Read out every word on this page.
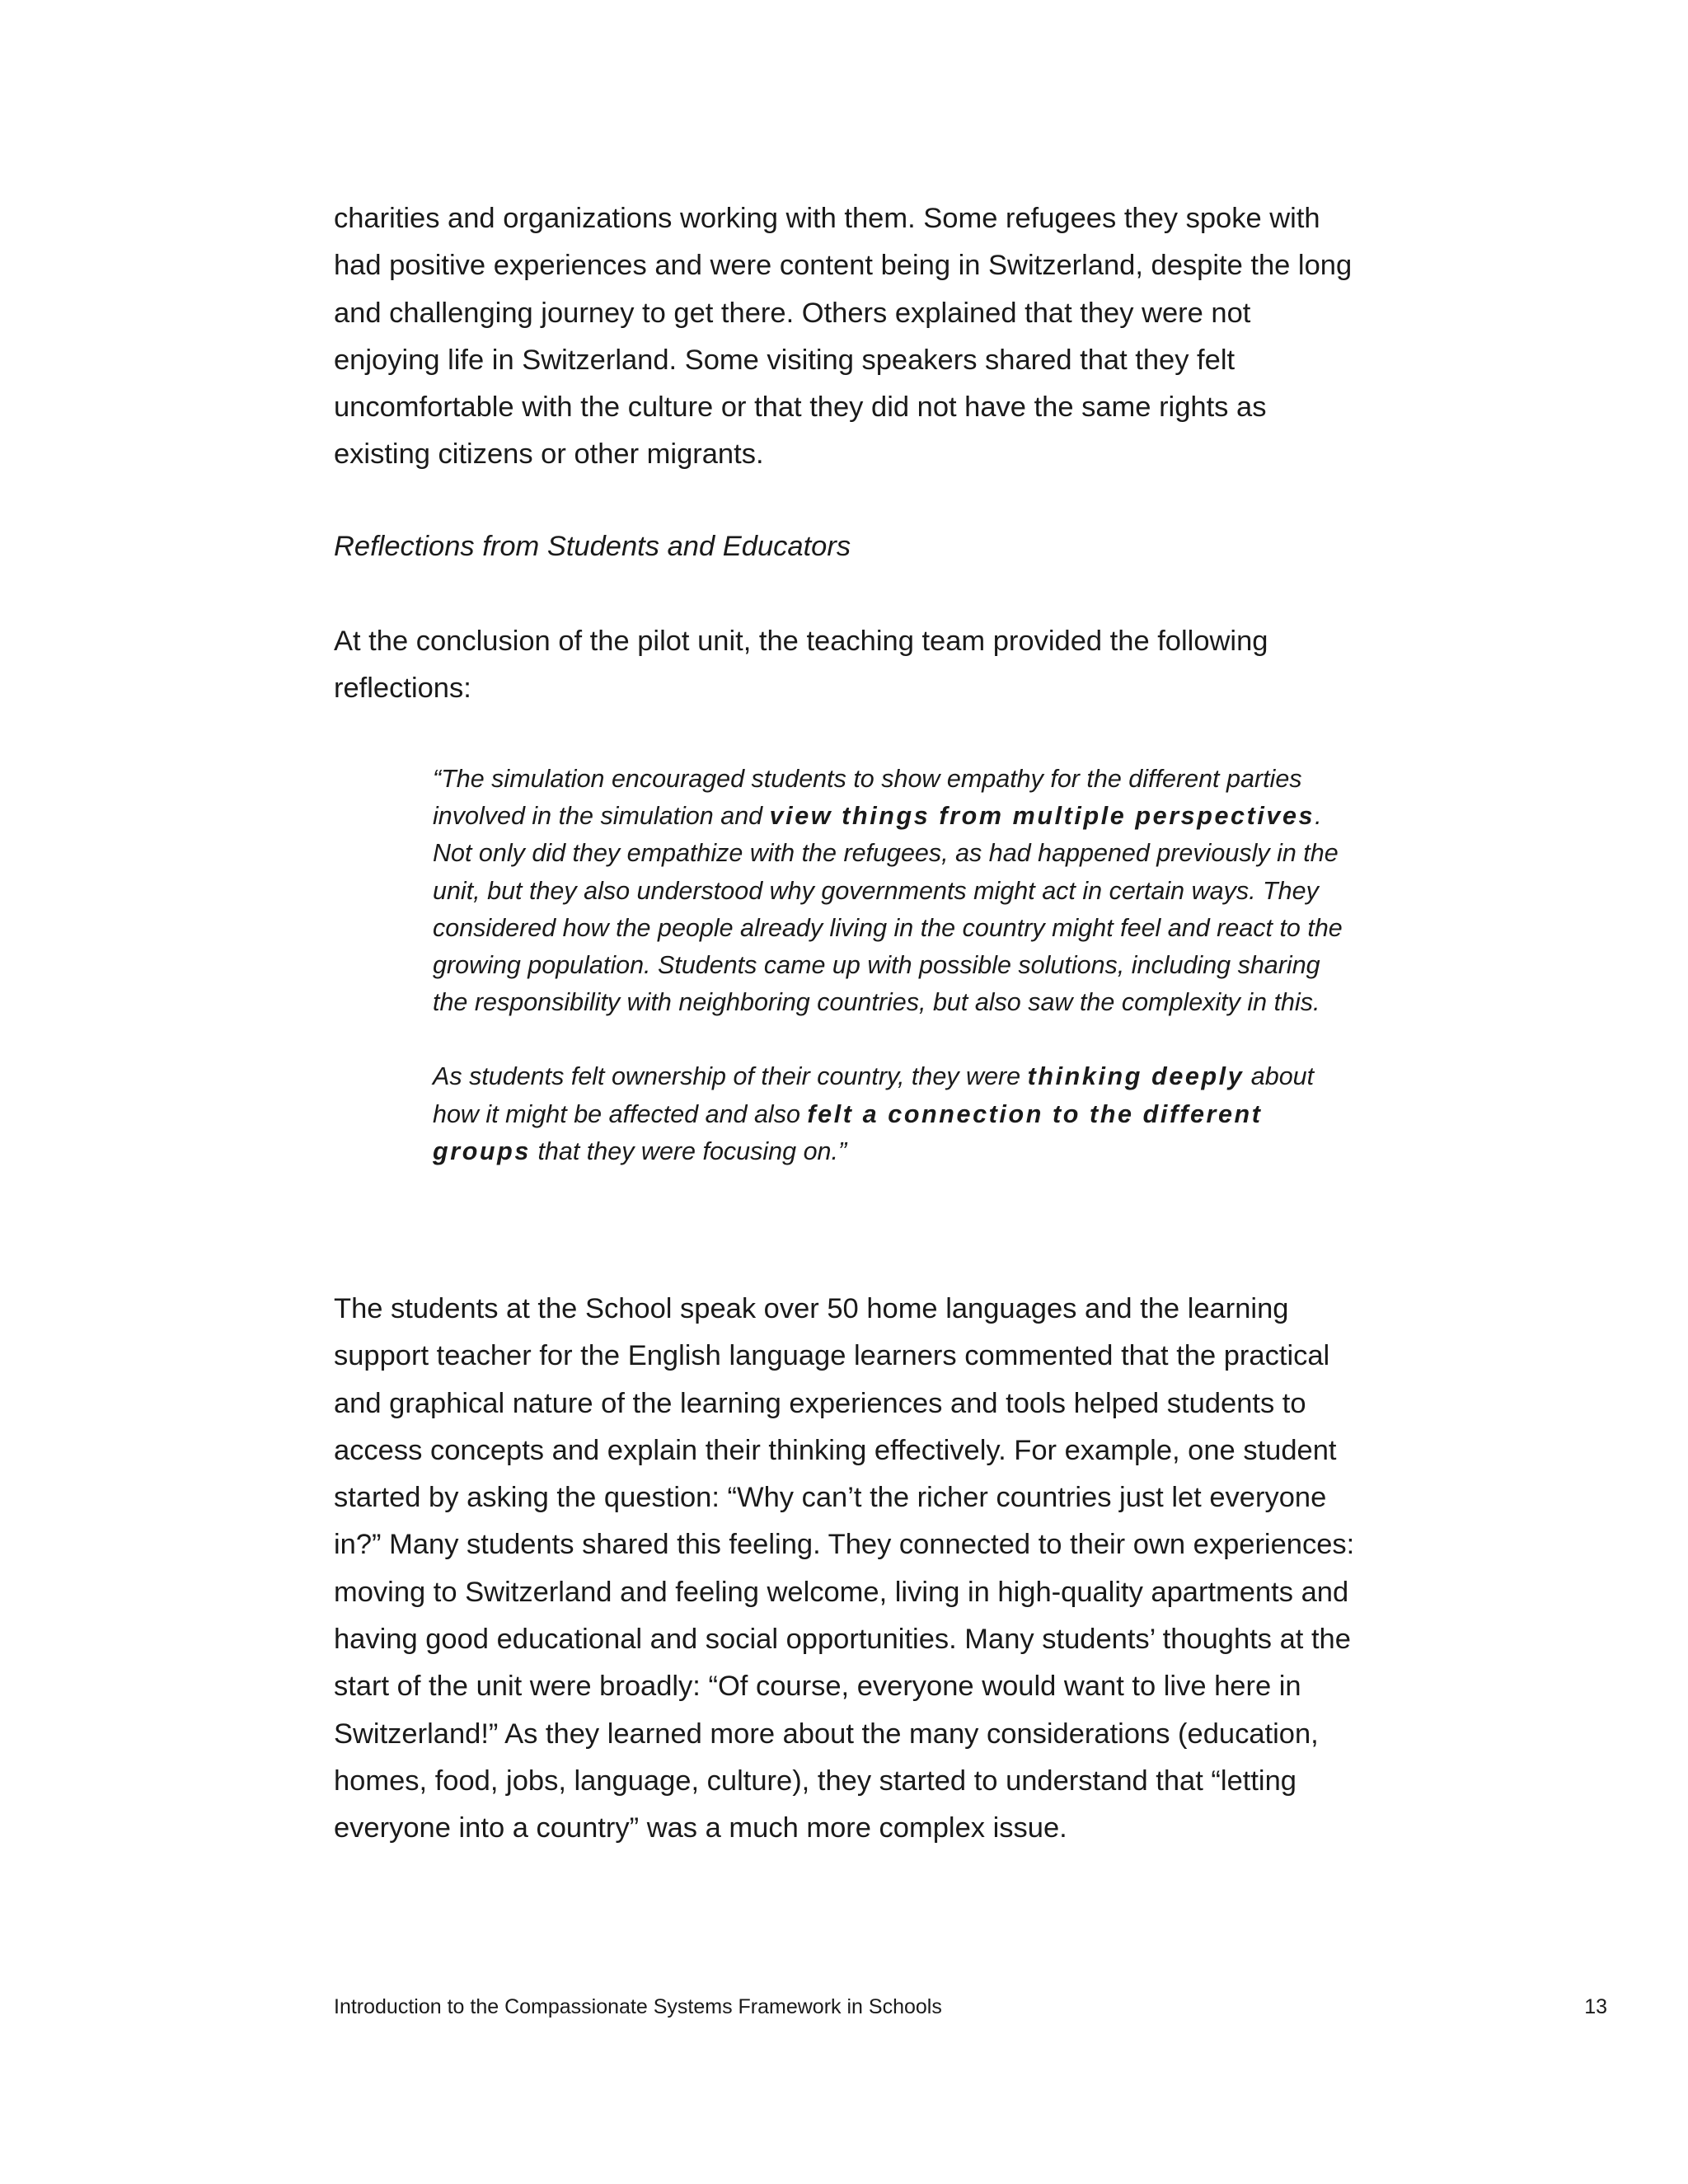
charities and organizations working with them. Some refugees they spoke with had positive experiences and were content being in Switzerland, despite the long and challenging journey to get there. Others explained that they were not enjoying life in Switzerland. Some visiting speakers shared that they felt uncomfortable with the culture or that they did not have the same rights as existing citizens or other migrants.

Reflections from Students and Educators

At the conclusion of the pilot unit, the teaching team provided the following reflections:

“The simulation encouraged students to show empathy for the different parties involved in the simulation and view things from multiple perspectives. Not only did they empathize with the refugees, as had happened previously in the unit, but they also understood why governments might act in certain ways. They considered how the people already living in the country might feel and react to the growing population. Students came up with possible solutions, including sharing the responsibility with neighboring countries, but also saw the complexity in this.

As students felt ownership of their country, they were thinking deeply about how it might be affected and also felt a connection to the different groups that they were focusing on.”

The students at the School speak over 50 home languages and the learning support teacher for the English language learners commented that the practical and graphical nature of the learning experiences and tools helped students to access concepts and explain their thinking effectively. For example, one student started by asking the question: “Why can’t the richer countries just let everyone in?” Many students shared this feeling. They connected to their own experiences: moving to Switzerland and feeling welcome, living in high-quality apartments and having good educational and social opportunities. Many students’ thoughts at the start of the unit were broadly: “Of course, everyone would want to live here in Switzerland!” As they learned more about the many considerations (education, homes, food, jobs, language, culture), they started to understand that “letting everyone into a country” was a much more complex issue.

Introduction to the Compassionate Systems Framework in Schools	13
